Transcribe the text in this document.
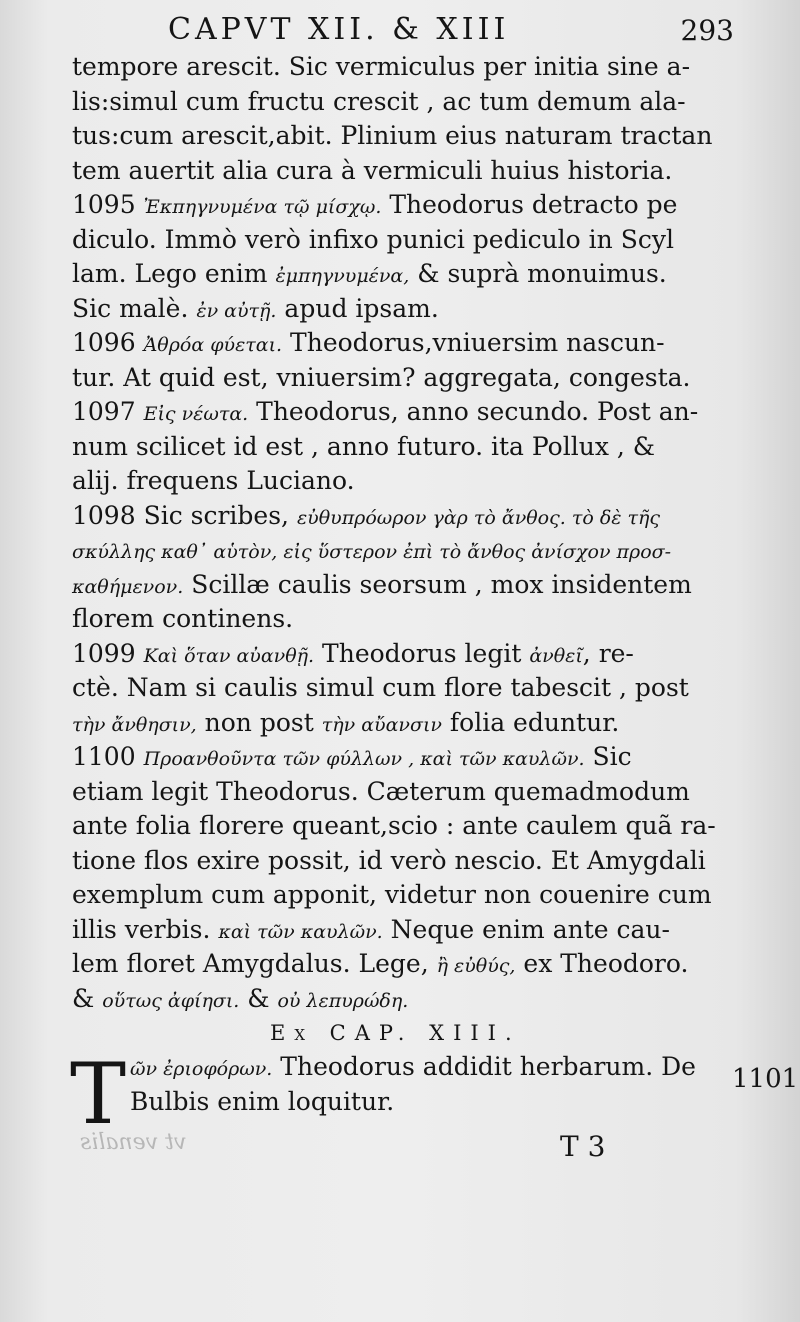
CAPVT XII. & XIII	293
tempore arescit. Sic vermiculus per initia sine a-
lis:simul cum fructu crescit , ac tum demum ala-
tus:cum arescit,abit. Plinium eius naturam tractan
tem auertit alia cura à vermiculi huius historia.
1095 Ἐκπηγνυμένα τῷ μίσχῳ. Theodorus detracto pe
diculo. Immò verò infixo punici pediculo in Scyl
lam. Lego enim ἐμπηγνυμένα, & suprà monuimus.
Sic malè. ἐν αὐτῇ. apud ipsam.
1096 Ἀθρόα φύεται. Theodorus,vniuersim nascun-
tur. At quid est, vniuersim? aggregata, congesta.
1097 Εἰς νέωτα. Theodorus, anno secundo. Post an-
num scilicet id est , anno futuro. ita Pollux , &
alij. frequens Luciano.
1098 Sic scribes, εὐθυπρόωρον γὰρ τὸ ἄνθος. τὸ δὲ τῆς
σκύλλης καθ᾽ αὑτὸν, εἰς ὕστερον ἐπὶ τὸ ἄνθος ἀνίσχον προσ-
καθήμενον. Scillæ caulis seorsum , mox insidentem
florem continens.
1099 Καὶ ὅταν αὐανθῇ. Theodorus legit ἀνθεῖ, re-
ctè. Nam si caulis simul cum flore tabescit , post
τὴν ἄνθησιν, non post τὴν αὔανσιν folia eduntur.
1100 Προανθοῦντα τῶν φύλλων , καὶ τῶν καυλῶν. Sic
etiam legit Theodorus. Cæterum quemadmodum
ante folia florere queant,scio : ante caulem quã ra-
tione flos exire possit, id verò nescio. Et Amygdali
exemplum cum apponit, videtur non couenire cum
illis verbis. καὶ τῶν καυλῶν. Neque enim ante cau-
lem floret Amygdalus. Lege, ἢ εὐθύς, ex Theodoro.
& οὕτως ἀφίησι. & οὐ λεπυρώδη.
Ex CAP. XIII.
T ῶν ἐριοφόρων. Theodorus addidit herbarum. De
Bulbis enim loquitur.
1101
T 3
vt venalis
